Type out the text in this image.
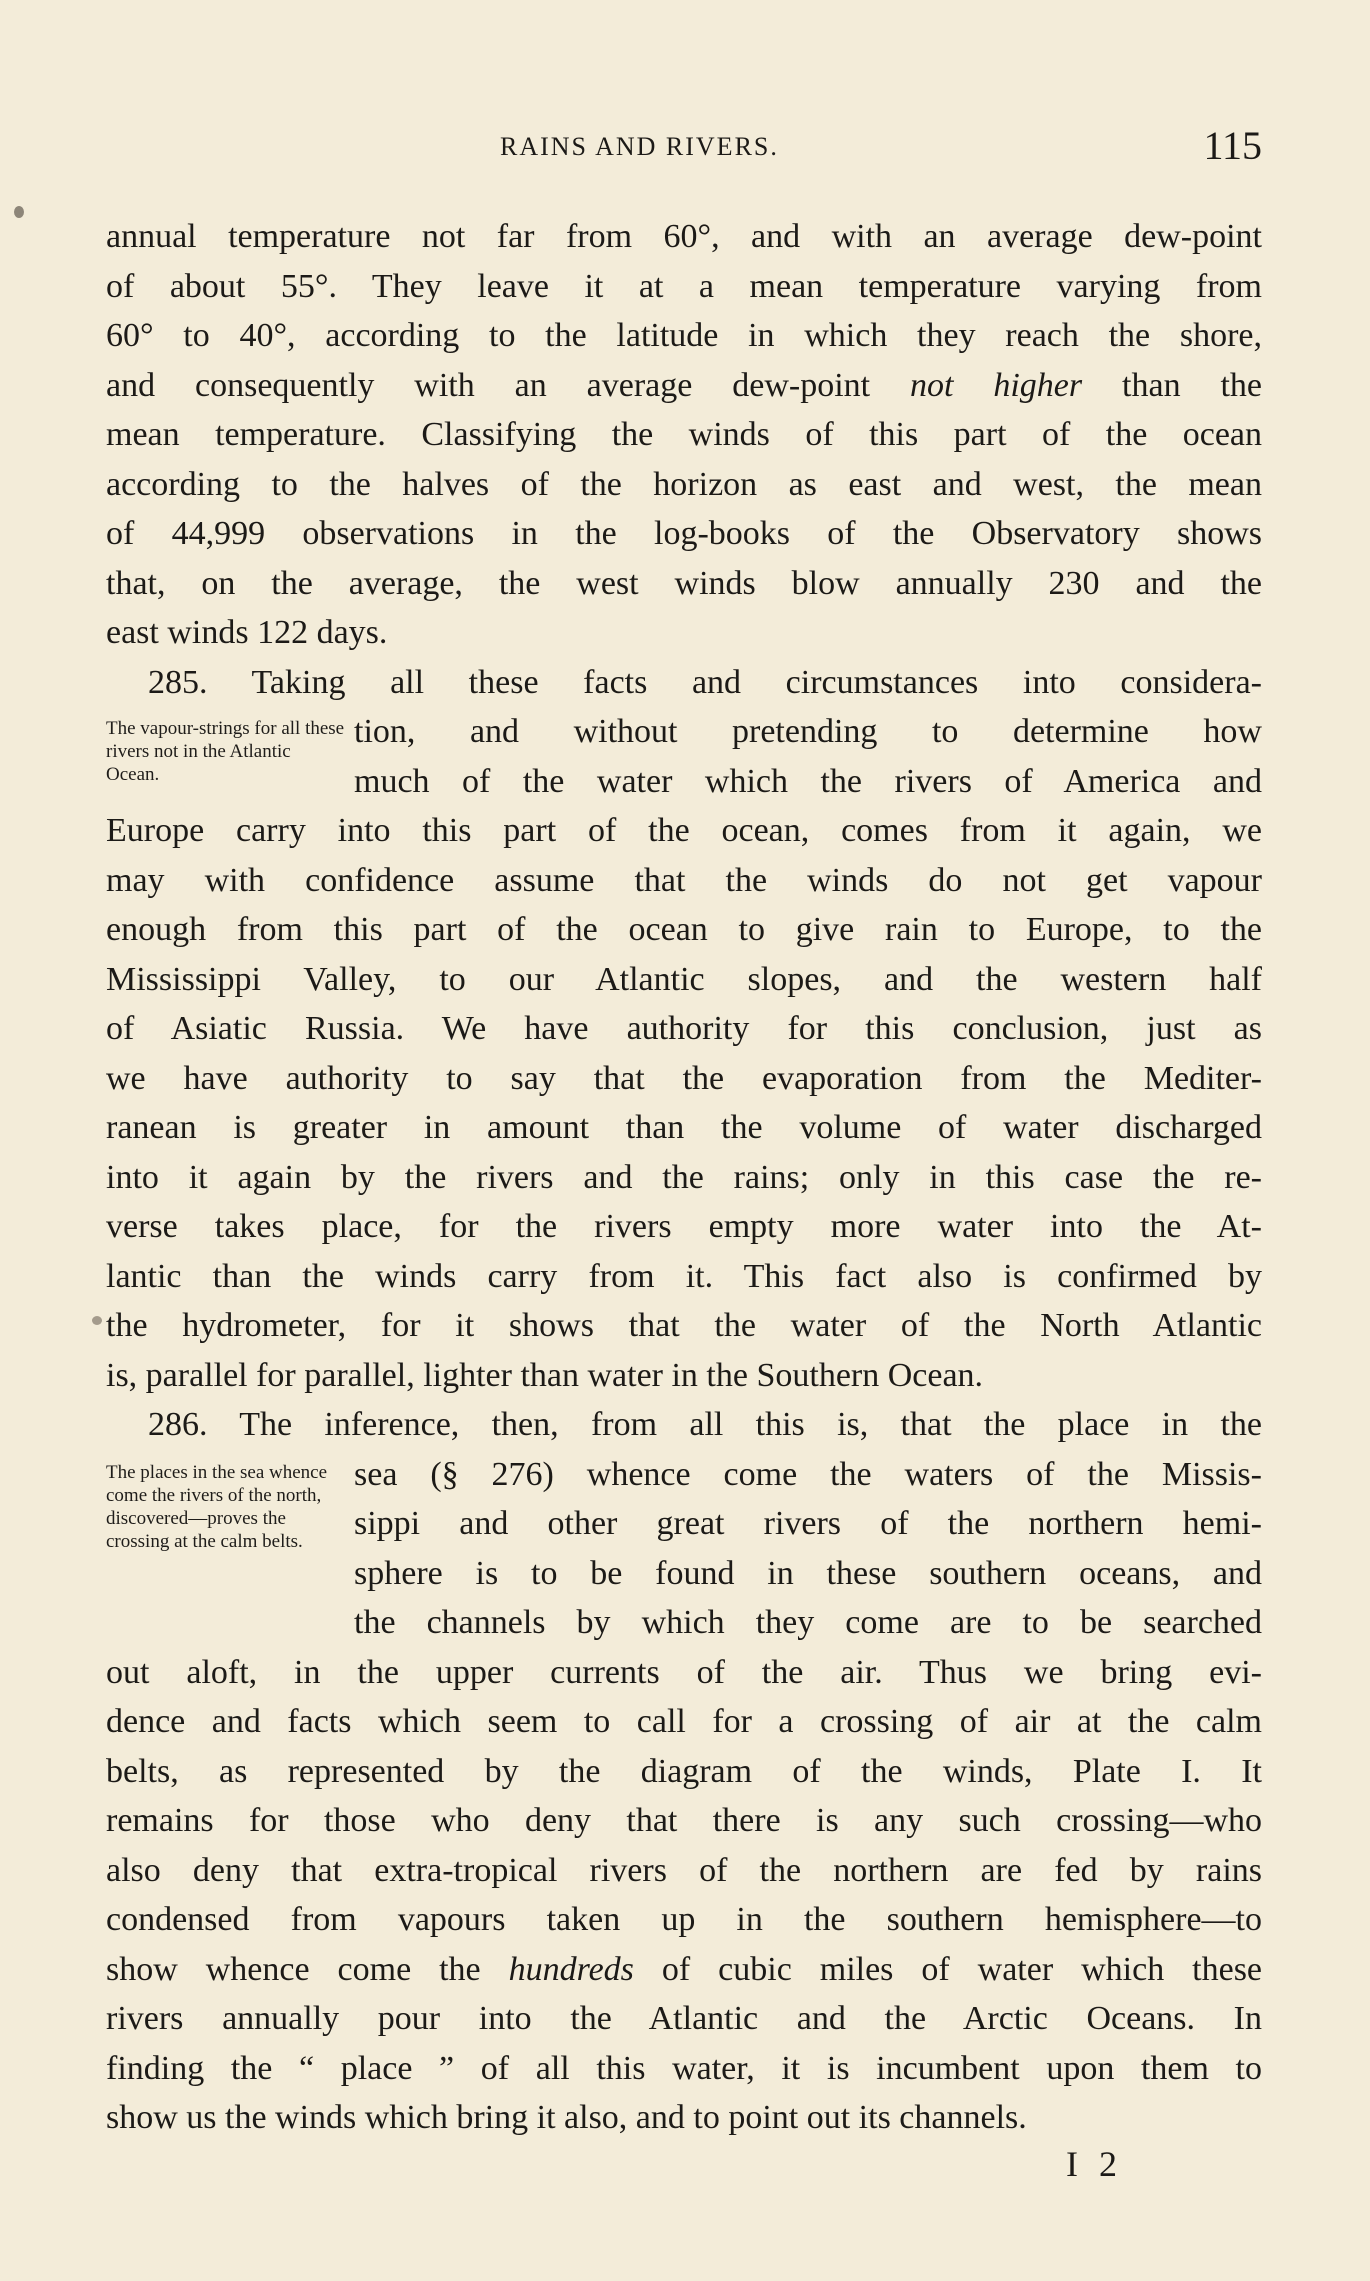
RAINS AND RIVERS.	115
annual temperature not far from 60°, and with an average dew-point
of about 55°. They leave it at a mean temperature varying from
60° to 40°, according to the latitude in which they reach the shore,
and consequently with an average dew-point not higher than the
mean temperature. Classifying the winds of this part of the ocean
according to the halves of the horizon as east and west, the mean
of 44,999 observations in the log-books of the Observatory shows
that, on the average, the west winds blow annually 230 and the
east winds 122 days.
285. Taking all these facts and circumstances into considera-
tion, and without pretending to determine how
much of the water which the rivers of America and
Europe carry into this part of the ocean, comes from it again, we
may with confidence assume that the winds do not get vapour
enough from this part of the ocean to give rain to Europe, to the
Mississippi Valley, to our Atlantic slopes, and the western half
of Asiatic Russia. We have authority for this conclusion, just as
we have authority to say that the evaporation from the Mediter-
ranean is greater in amount than the volume of water discharged
into it again by the rivers and the rains; only in this case the re-
verse takes place, for the rivers empty more water into the At-
lantic than the winds carry from it. This fact also is confirmed by
the hydrometer, for it shows that the water of the North Atlantic
is, parallel for parallel, lighter than water in the Southern Ocean.
286. The inference, then, from all this is, that the place in the
sea (§ 276) whence come the waters of the Missis-
sippi and other great rivers of the northern hemi-
sphere is to be found in these southern oceans, and
the channels by which they come are to be searched
out aloft, in the upper currents of the air. Thus we bring evi-
dence and facts which seem to call for a crossing of air at the calm
belts, as represented by the diagram of the winds, Plate I. It
remains for those who deny that there is any such crossing—who
also deny that extra-tropical rivers of the northern are fed by rains
condensed from vapours taken up in the southern hemisphere—to
show whence come the hundreds of cubic miles of water which these
rivers annually pour into the Atlantic and the Arctic Oceans. In
finding the “ place ” of all this water, it is incumbent upon them to
show us the winds which bring it also, and to point out its channels.
The vapour-strings for all these rivers not in the Atlantic Ocean.
The places in the sea whence come the rivers of the north, discovered—proves the crossing at the calm belts.
I 2
